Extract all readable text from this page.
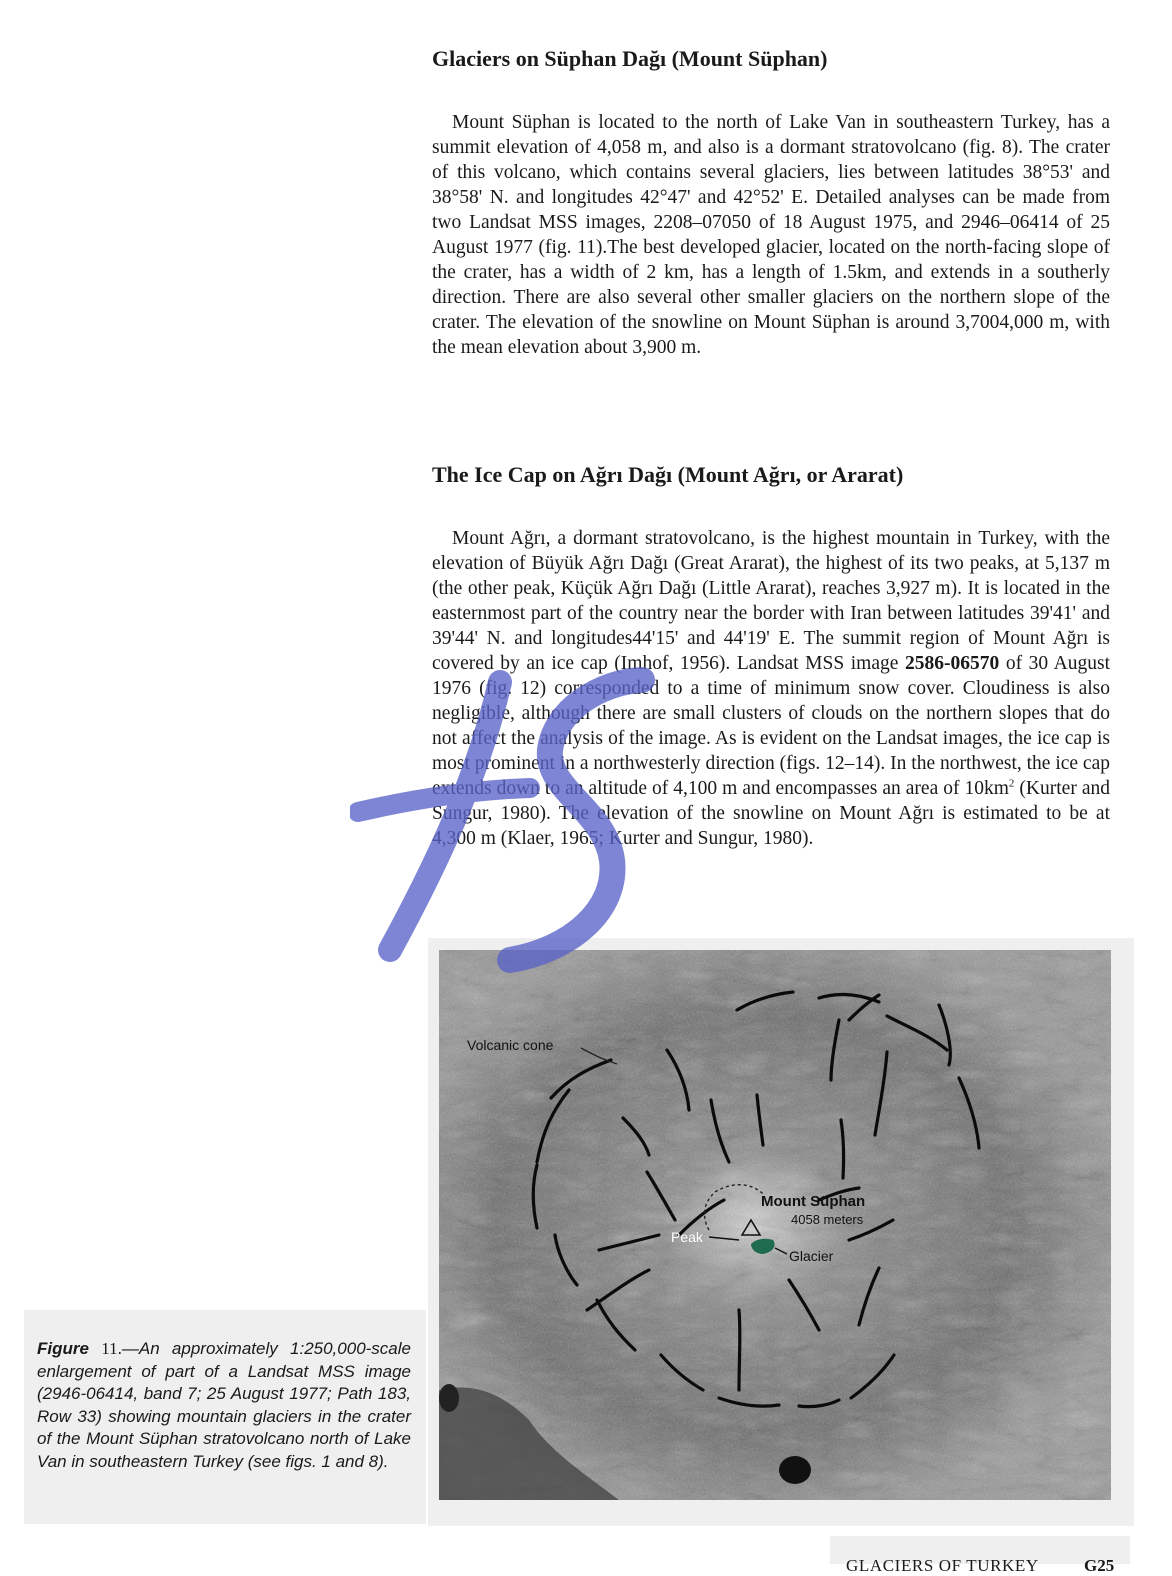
Glaciers on Süphan Dağı (Mount Süphan)

Mount Süphan is located to the north of Lake Van in southeastern Turkey, has a summit elevation of 4,058 m, and also is a dormant stratovolcano (fig. 8). The crater of this volcano, which contains several glaciers, lies between latitudes 38°53' and 38°58' N. and longitudes 42°47' and 42°52' E. Detailed analyses can be made from two Landsat MSS images, 2208–07050 of 18 August 1975, and 2946–06414 of 25 August 1977 (fig. 11).The best developed glacier, located on the north-facing slope of the crater, has a width of 2 km, has a length of 1.5km, and extends in a southerly direction. There are also several other smaller glaciers on the northern slope of the crater. The elevation of the snowline on Mount Süphan is around 3,7004,000 m, with the mean elevation about 3,900 m.

The Ice Cap on Ağrı Dağı (Mount Ağrı, or Ararat)

Mount Ağrı, a dormant stratovolcano, is the highest mountain in Turkey, with the elevation of Büyük Ağrı Dağı (Great Ararat), the highest of its two peaks, at 5,137 m (the other peak, Küçük Ağrı Dağı (Little Ararat), reaches 3,927 m). It is located in the easternmost part of the country near the border with Iran between latitudes 39'41' and 39'44' N. and longitudes44'15' and 44'19' E. The summit region of Mount Ağrı is covered by an ice cap (Imhof, 1956). Landsat MSS image 2586-06570 of 30 August 1976 (fig. 12) corresponded to a time of minimum snow cover. Cloudiness is also negligible, although there are small clusters of clouds on the northern slopes that do not affect the analysis of the image. As is evident on the Landsat images, the ice cap is most prominent in a northwesterly direction (figs. 12–14). In the northwest, the ice cap extends down to an altitude of 4,100 m and encompasses an area of $10km^2$ (Kurter and Sungur, 1980). The elevation of the snowline on Mount Ağrı is estimated to be at 4,300 m (Klaer, 1965; Kurter and Sungur, 1980).

Volcanic cone
Mount Süphan
4058 meters
Peak
Glacier

Figure 11.—An approximately 1:250,000-scale enlargement of part of a Landsat MSS image (2946-06414, band 7; 25 August 1977; Path 183, Row 33) showing mountain glaciers in the crater of the Mount Süphan stratovolcano north of Lake Van in southeastern Turkey (see figs. 1 and 8).

GLACIERS OF TURKEY	G25
